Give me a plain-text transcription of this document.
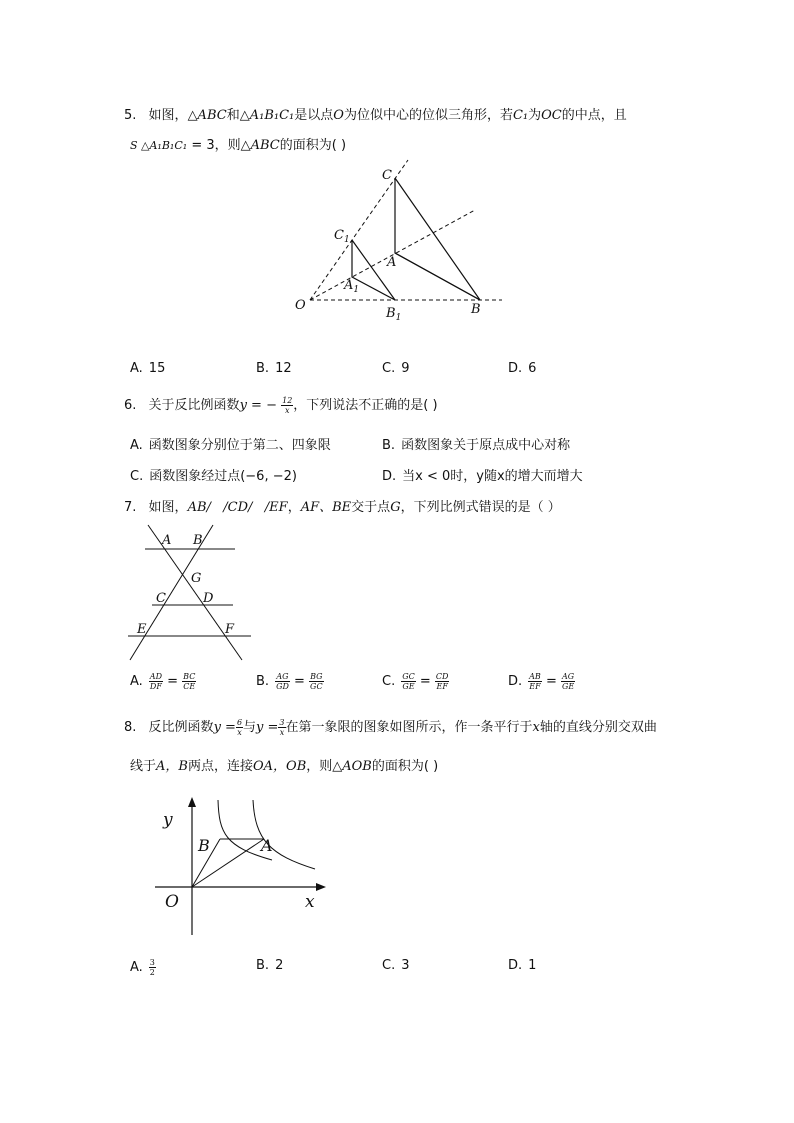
5. 如图，△ABC和△A₁B₁C₁是以点O为位似中心的位似三角形，若C₁为OC的中点，且
S △A₁B₁C₁ = 3，则△ABC的面积为( )
C
$C_1$
A
$A_1$
O
$B_1$
B
A. 15	B. 12	C. 9	D. 6
6. 关于反比例函数y = − $\frac{12}{x}$ ，下列说法不正确的是( )
A. 函数图象分别位于第二、四象限	B. 函数图象关于原点成中心对称
C. 函数图象经过点(−6, −2)	D. 当x < 0时，y随x的增大而增大
7. 如图，AB/   /CD/   /EF，AF、BE交于点G，下列比例式错误的是（ ）
A B
G
C	D
E	F
A. $\frac{AD}{DF} = \frac{BC}{CE}$	B. $\frac{AG}{GD} = \frac{BG}{GC}$	C. $\frac{GC}{GE} = \frac{CD}{EF}$	D. $\frac{AB}{EF} = \frac{AG}{GE}$
8. 反比例函数$y = \frac{6}{x}$ 与$y = \frac{3}{x}$ 在第一象限的图象如图所示，作一条平行于x轴的直线分别交双曲
线于A，B两点，连接OA，OB，则△AOB的面积为( )
y
B	A
O	x
A. $\frac{3}{2}$	B. 2	C. 3	D. 1
